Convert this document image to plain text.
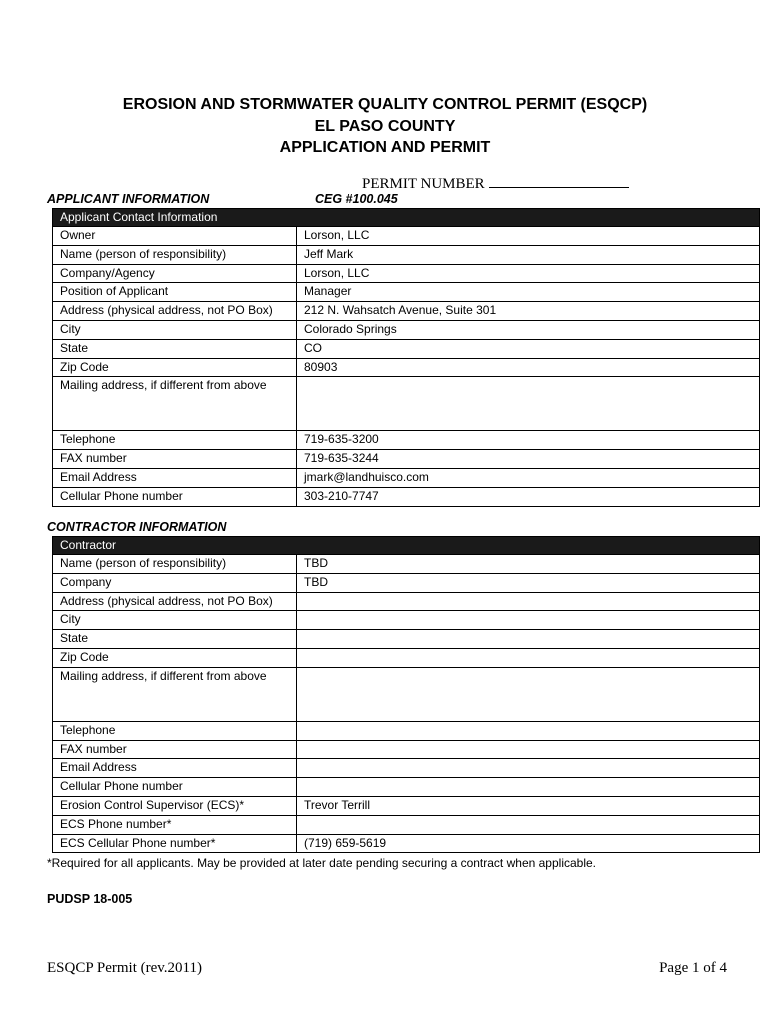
EROSION AND STORMWATER QUALITY CONTROL PERMIT (ESQCP)
EL PASO COUNTY
APPLICATION AND PERMIT
PERMIT NUMBER
APPLICANT INFORMATION	CEG #100.045
Applicant Contact Information	
Owner	Lorson, LLC
Name (person of responsibility)	Jeff Mark
Company/Agency	Lorson, LLC
Position of Applicant	Manager
Address (physical address, not PO Box)	212 N. Wahsatch Avenue, Suite 301
City	Colorado Springs
State	CO
Zip Code	80903
Mailing address, if different from above	
Telephone	719-635-3200
FAX number	719-635-3244
Email Address	jmark@landhuisco.com
Cellular Phone number	303-210-7747
CONTRACTOR INFORMATION
Contractor	
Name (person of responsibility)	TBD
Company	TBD
Address (physical address, not PO Box)	
City	
State	
Zip Code	
Mailing address, if different from above	
Telephone	
FAX number	
Email Address	
Cellular Phone number	
Erosion Control Supervisor (ECS)*	Trevor Terrill
ECS Phone number*	
ECS Cellular Phone number*	(719) 659-5619
*Required for all applicants. May be provided at later date pending securing a contract when applicable.
PUDSP 18-005
ESQCP Permit (rev.2011)	Page 1 of 4
